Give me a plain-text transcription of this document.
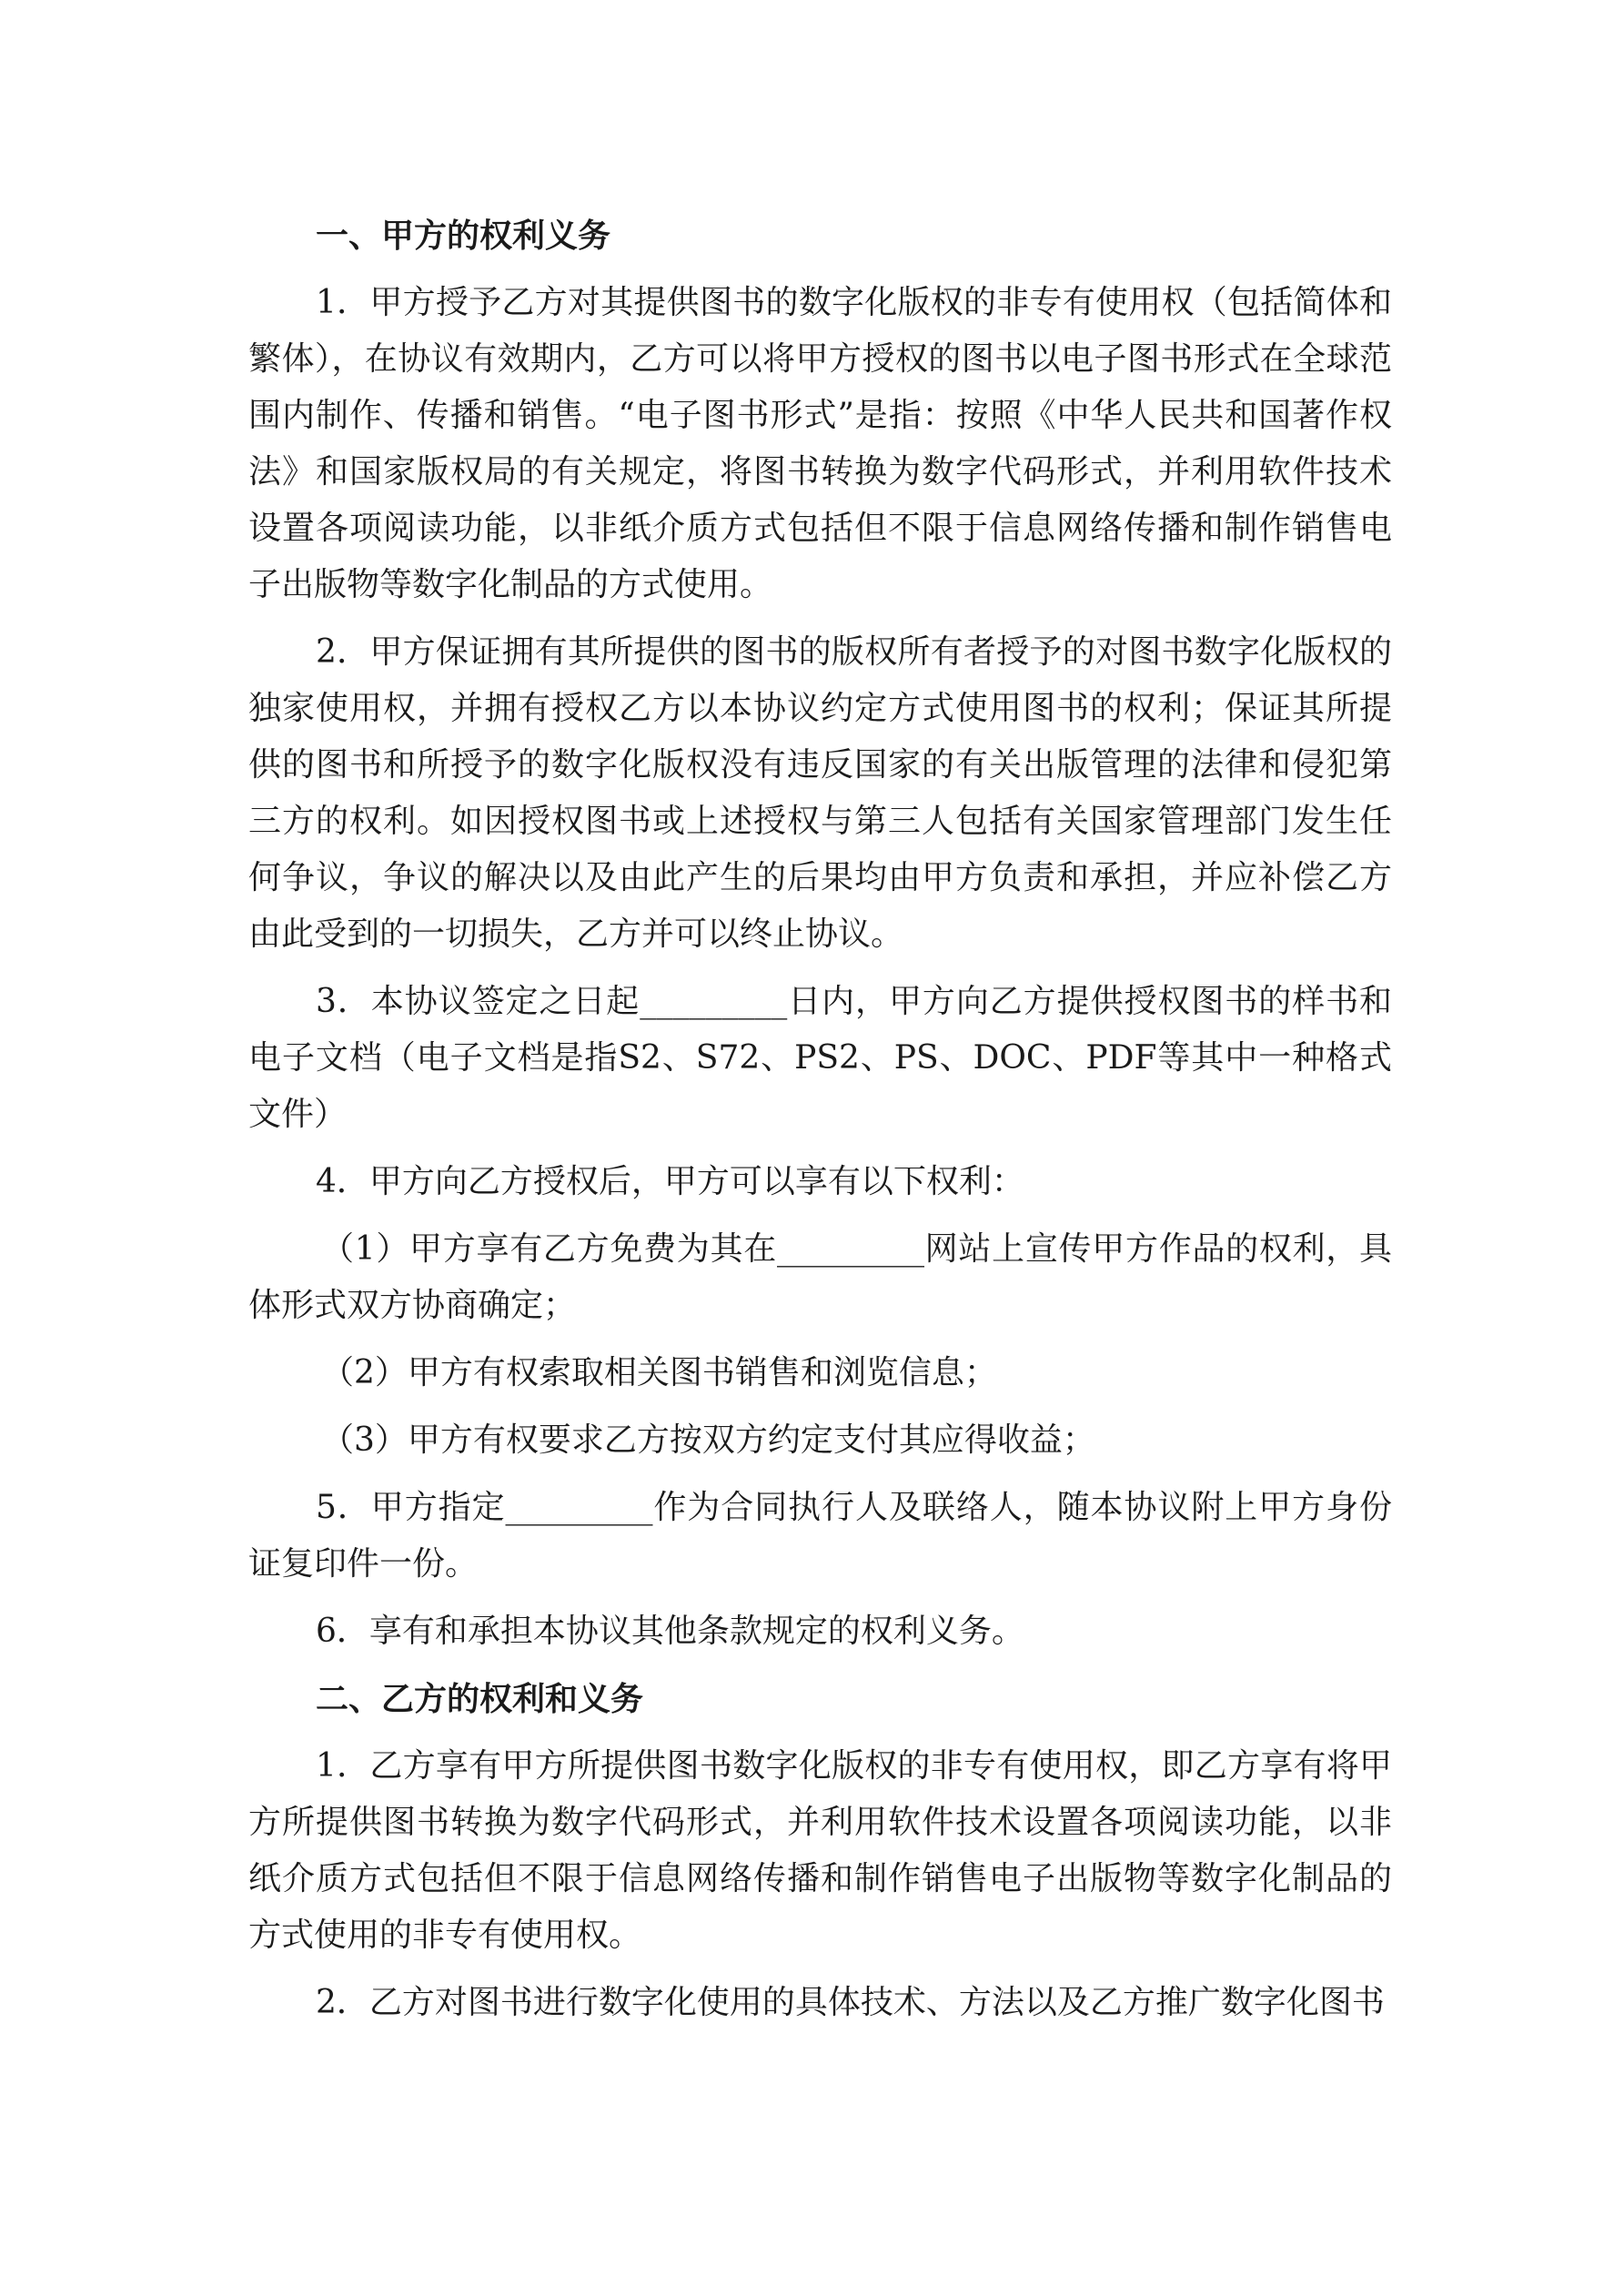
一、甲方的权利义务

1．甲方授予乙方对其提供图书的数字化版权的非专有使用权（包括简体和繁体），在协议有效期内，乙方可以将甲方授权的图书以电子图书形式在全球范围内制作、传播和销售。“电子图书形式”是指：按照《中华人民共和国著作权法》和国家版权局的有关规定，将图书转换为数字代码形式，并利用软件技术设置各项阅读功能，以非纸介质方式包括但不限于信息网络传播和制作销售电子出版物等数字化制品的方式使用。

2．甲方保证拥有其所提供的图书的版权所有者授予的对图书数字化版权的独家使用权，并拥有授权乙方以本协议约定方式使用图书的权利；保证其所提供的图书和所授予的数字化版权没有违反国家的有关出版管理的法律和侵犯第三方的权利。如因授权图书或上述授权与第三人包括有关国家管理部门发生任何争议，争议的解决以及由此产生的后果均由甲方负责和承担，并应补偿乙方由此受到的一切损失，乙方并可以终止协议。

3．本协议签定之日起_________日内，甲方向乙方提供授权图书的样书和电子文档（电子文档是指S2、S72、PS2、PS、DOC、PDF等其中一种格式文件）

4．甲方向乙方授权后，甲方可以享有以下权利：

（1）甲方享有乙方免费为其在_________网站上宣传甲方作品的权利，具体形式双方协商确定；

（2）甲方有权索取相关图书销售和浏览信息；

（3）甲方有权要求乙方按双方约定支付其应得收益；

5．甲方指定_________作为合同执行人及联络人，随本协议附上甲方身份证复印件一份。

6．享有和承担本协议其他条款规定的权利义务。

二、乙方的权利和义务

1．乙方享有甲方所提供图书数字化版权的非专有使用权，即乙方享有将甲方所提供图书转换为数字代码形式，并利用软件技术设置各项阅读功能，以非纸介质方式包括但不限于信息网络传播和制作销售电子出版物等数字化制品的方式使用的非专有使用权。

2．乙方对图书进行数字化使用的具体技术、方法以及乙方推广数字化图书
